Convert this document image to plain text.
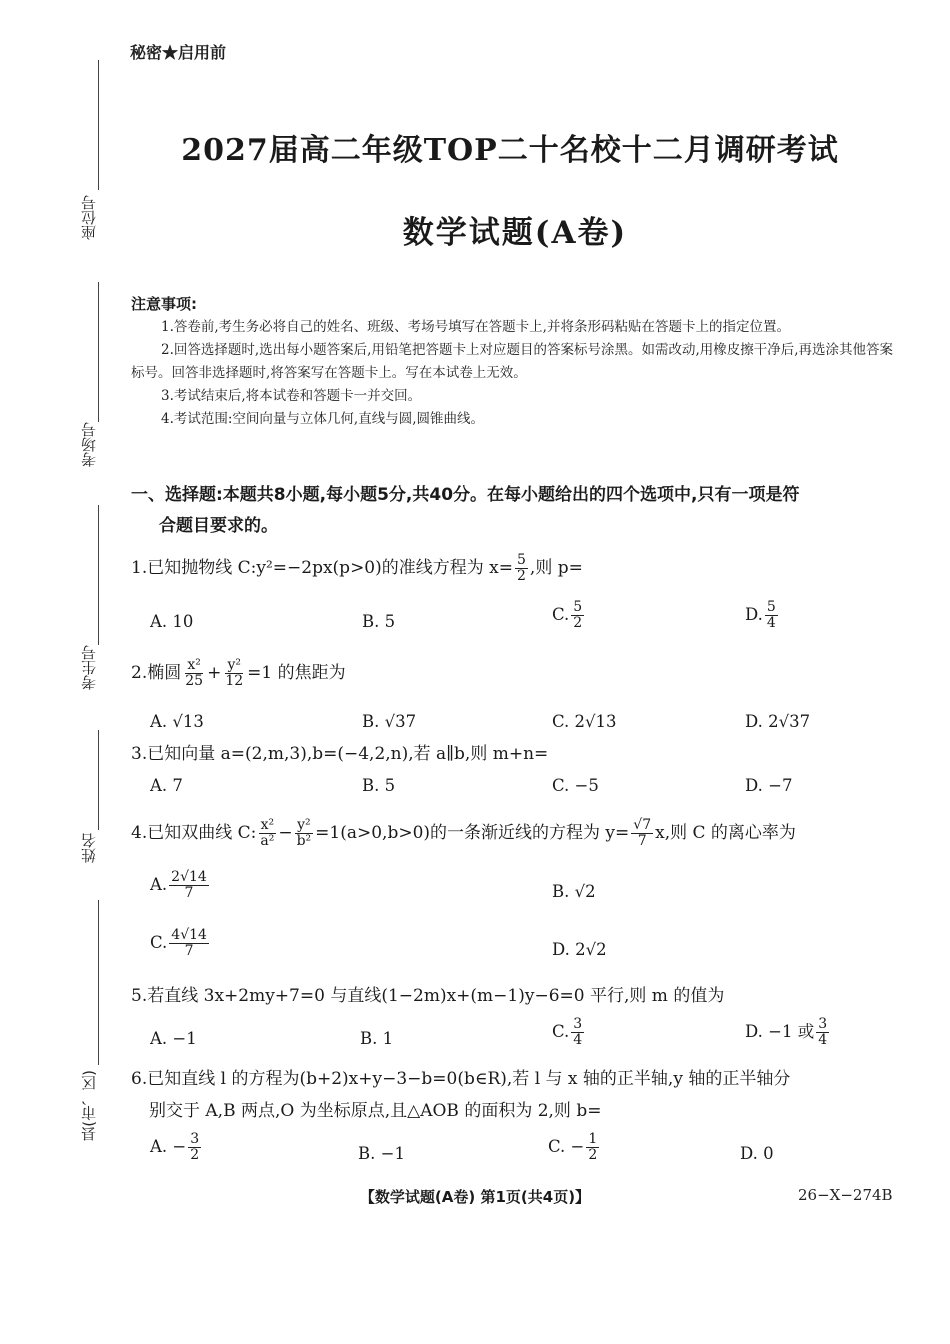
秘密★启用前
2027届高二年级TOP二十名校十二月调研考试
数学试题(A卷)
座位号
考场号
考生号
姓名
县(市、区)
注意事项:

1.答卷前,考生务必将自己的姓名、班级、考场号填写在答题卡上,并将条形码粘贴在答题卡上的指定位置。

2.回答选择题时,选出每小题答案后,用铅笔把答题卡上对应题目的答案标号涂黑。如需改动,用橡皮擦干净后,再选涂其他答案标号。回答非选择题时,将答案写在答题卡上。写在本试卷上无效。

3.考试结束后,将本试卷和答题卡一并交回。

4.考试范围:空间向量与立体几何,直线与圆,圆锥曲线。

一、选择题:本题共8小题,每小题5分,共40分。在每小题给出的四个选项中,只有一项是符
合题目要求的。
1.已知抛物线 C:y²=−2px(p>0)的准线方程为 $x= \frac{5}{2}$ ,则 p=
A. 10	B. 5	C. $\frac{5}{2}$	D. $\frac{5}{4}$
2.椭圆 $\frac{\text{x²}}{25} + \frac{\text{y²}}{12} =1$ 的焦距为
A. √13	B. √37	C. 2√13	D. 2√37
3.已知向量 a=(2,m,3),b=(−4,2,n),若 a∥b,则 m+n=
A. 7	B. 5	C. −5	D. −7
4.已知双曲线 C: $\frac{\text{x²}}{\text{a²}} - \frac{\text{y²}}{\text{b²}} =1(a>0,b>0)$的一条渐近线的方程为 $y= \frac{√7}{7} x$,则 C 的离心率为
A. $\frac{2√14}{7}$	B. √2
C. $\frac{4√14}{7}$	D. 2√2
5.若直线 3x+2my+7=0 与直线(1−2m)x+(m−1)y−6=0 平行,则 m 的值为
A. −1	B. 1	C. $\frac{3}{4}$	D. −1 或 $\frac{3}{4}$
6.已知直线 l 的方程为(b+2)x+y−3−b=0(b∈R),若 l 与 x 轴的正半轴,y 轴的正半轴分
别交于 A,B 两点,O 为坐标原点,且△AOB 的面积为 2,则 b=
A. − $\frac{3}{2}$	B. −1	C. − $\frac{1}{2}$	D. 0
【数学试题(A卷) 第1页(共4页)】	26−X−274B
